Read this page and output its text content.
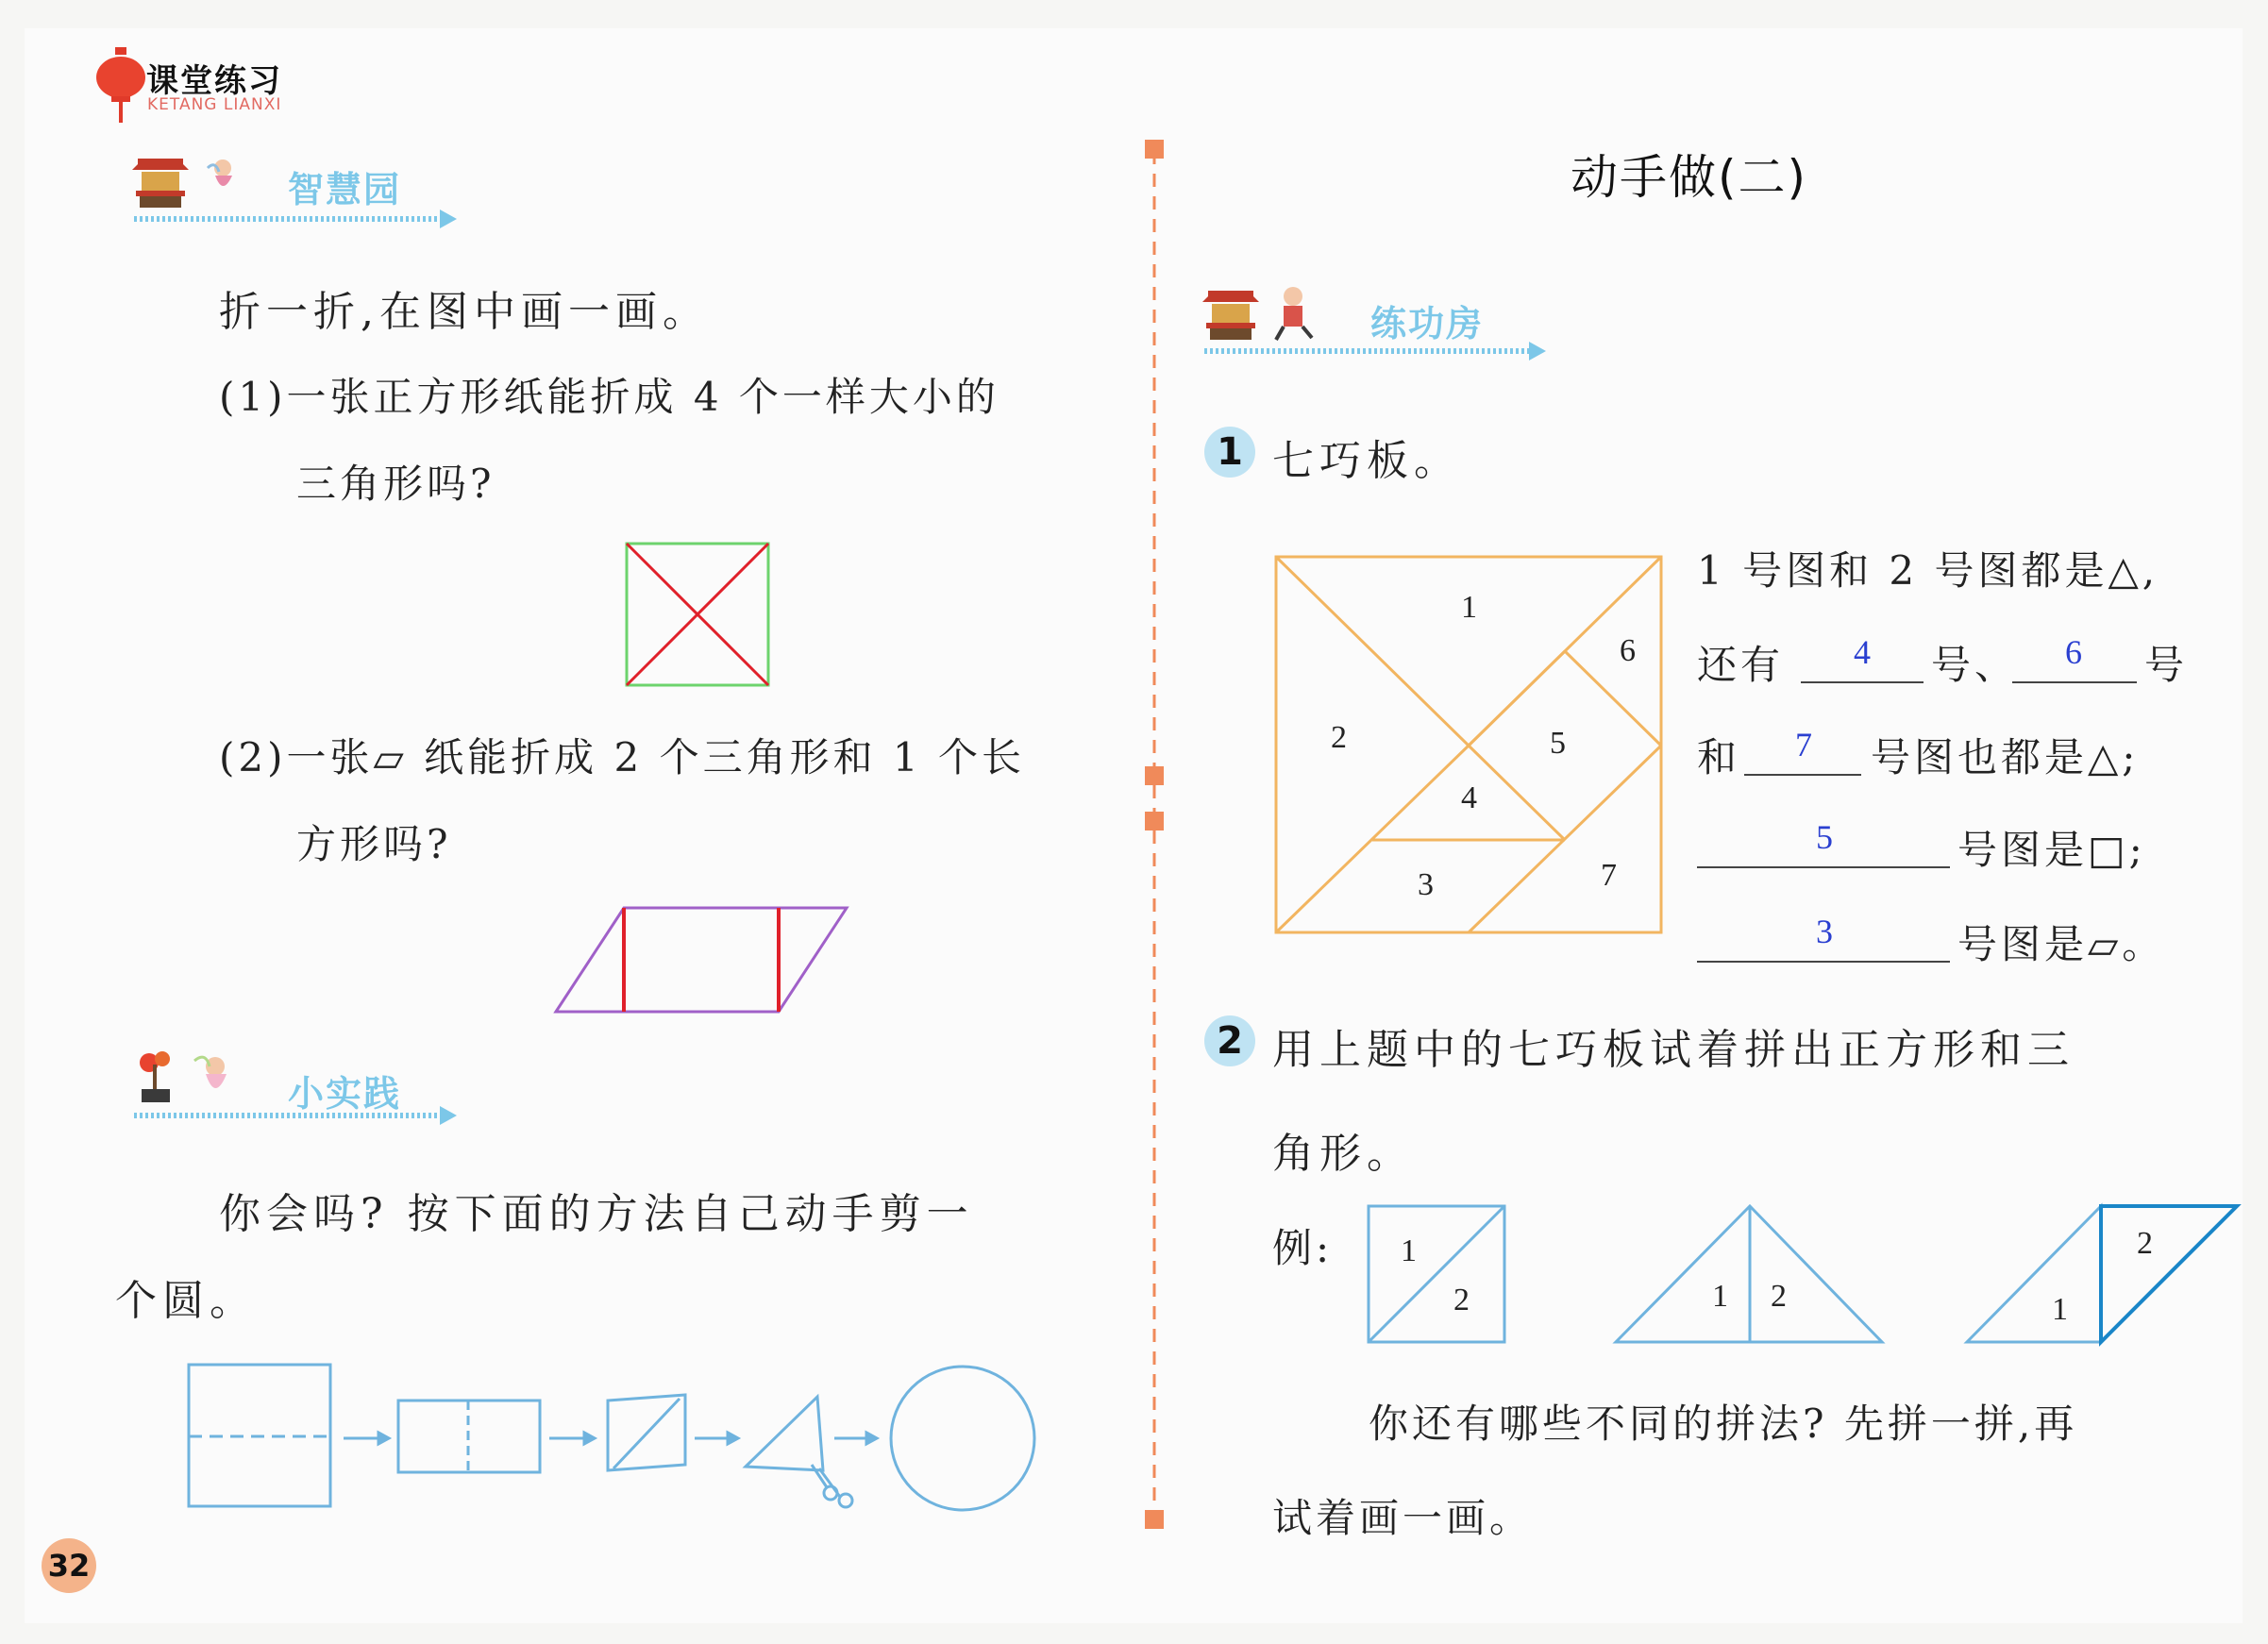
课堂练习
KETANG LIANXI
智慧园
折一折,在图中画一画。
(1)一张正方形纸能折成 4 个一样大小的
三角形吗?
(2)一张▱ 纸能折成 2 个三角形和 1 个长
方形吗?
小实践
你会吗? 按下面的方法自己动手剪一
个圆。
32
动手做(二)
练功房
1 七巧板。
1
2
3
4
5
6
7
1 号图和 2 号图都是△,
还有 4 号、 6 号
和 7 号图也都是△;
5	号图是□;
3	号图是▱。
2 用上题中的七巧板试着拼出正方形和三
角形。
例: 1
2	1 2	1
2
你还有哪些不同的拼法? 先拼一拼,再
试着画一画。
